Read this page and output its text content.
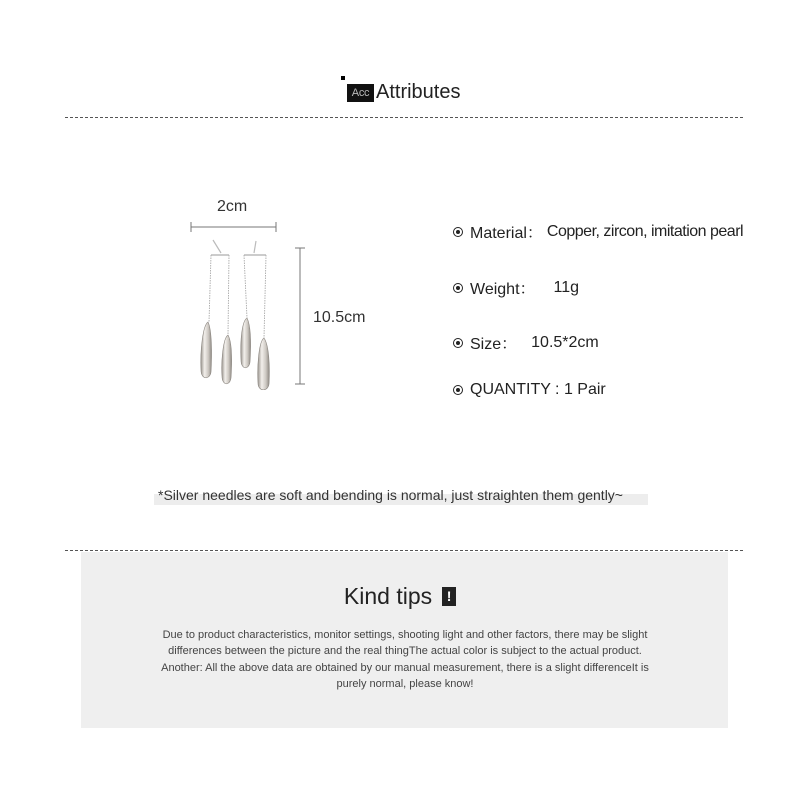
Acc Attributes
2cm
10.5cm
Material： Copper, zircon, imitation pearl
Weight： 11g
Size： 10.5*2cm
QUANTITY : 1 Pair
*Silver needles are soft and bending is normal, just straighten them gently~
Kind tips	!
Due to product characteristics, monitor settings, shooting light and other factors, there may be slight
differences between the picture and the real thingThe actual color is subject to the actual product.
Another: All the above data are obtained by our manual measurement, there is a slight differenceIt is
purely normal, please know!
